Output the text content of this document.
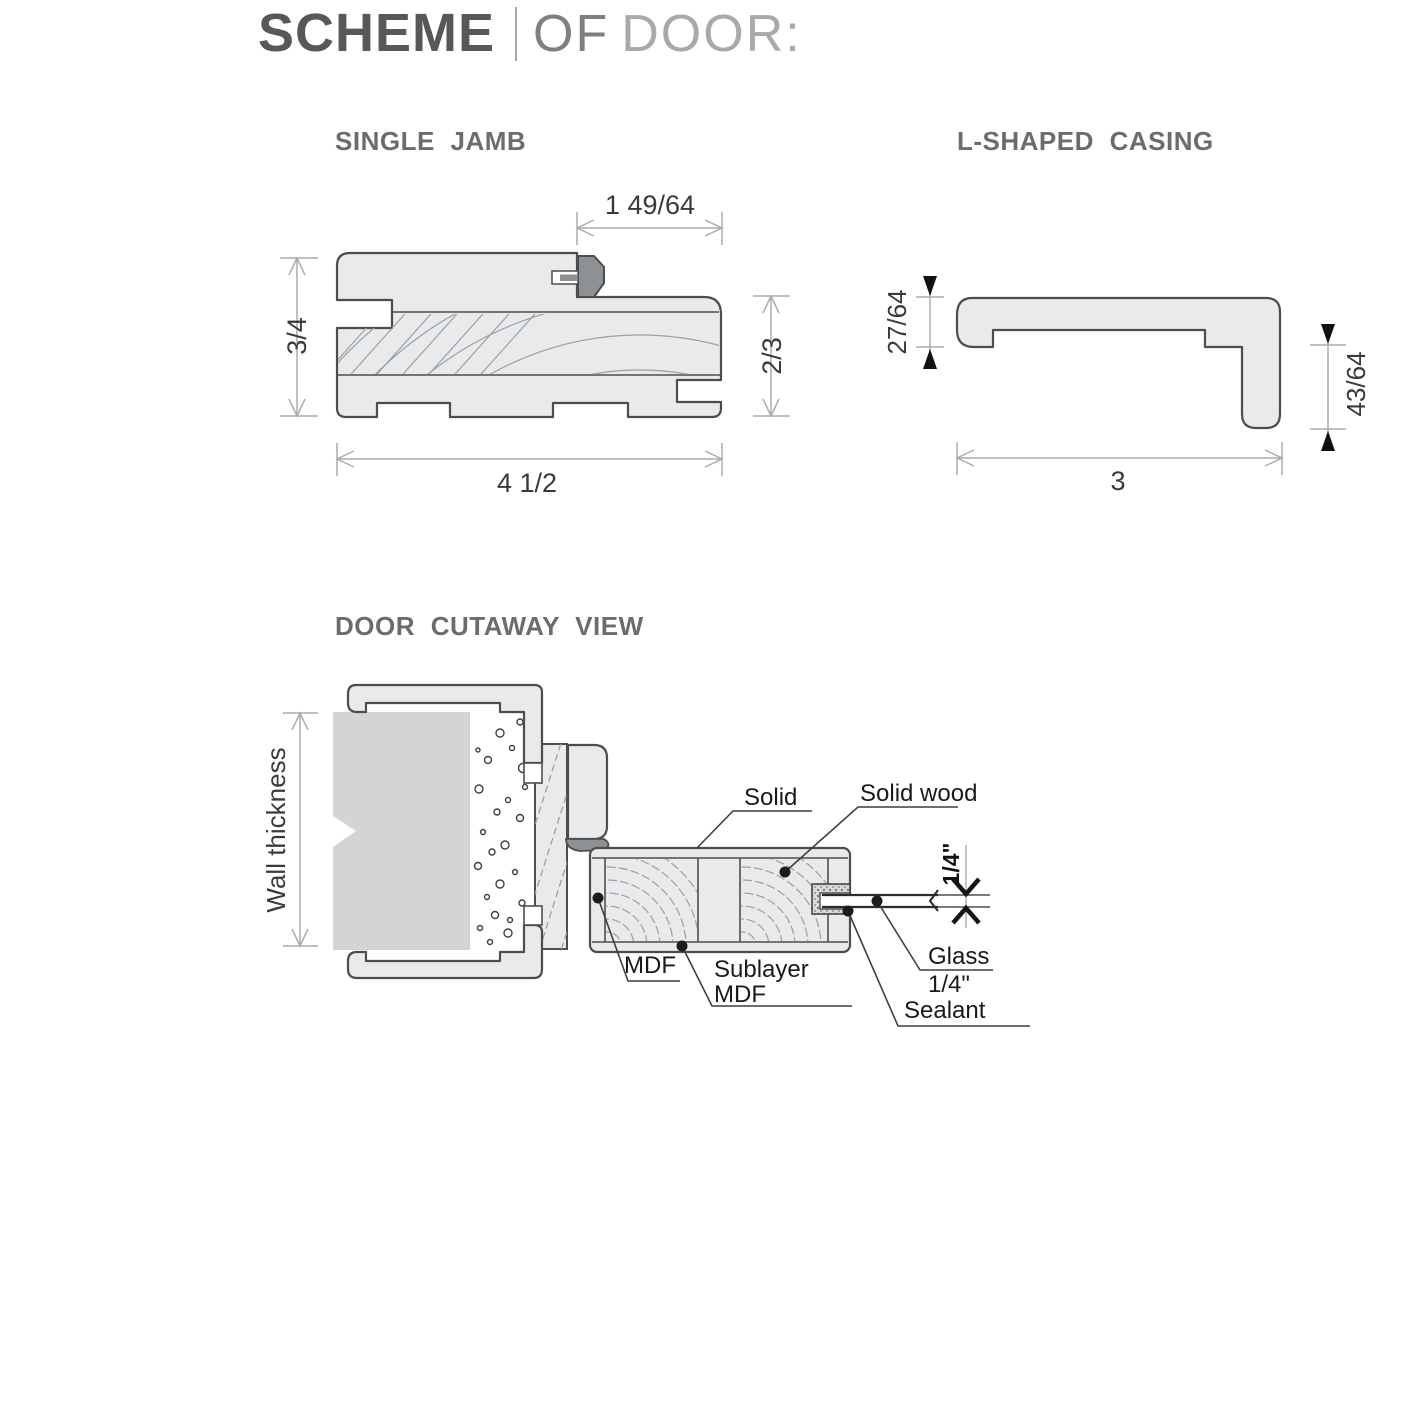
SCHEME OF DOOR:
SINGLE JAMB	L-SHAPED CASING
DOOR CUTAWAY VIEW
1 49/64
3/4
2/3
4 1/2
27/64
43/64
3
Wall thickness	Solid	Solid wood
MDF Sublayer
MDF
Glass
1/4"
Sealant
1/4"
